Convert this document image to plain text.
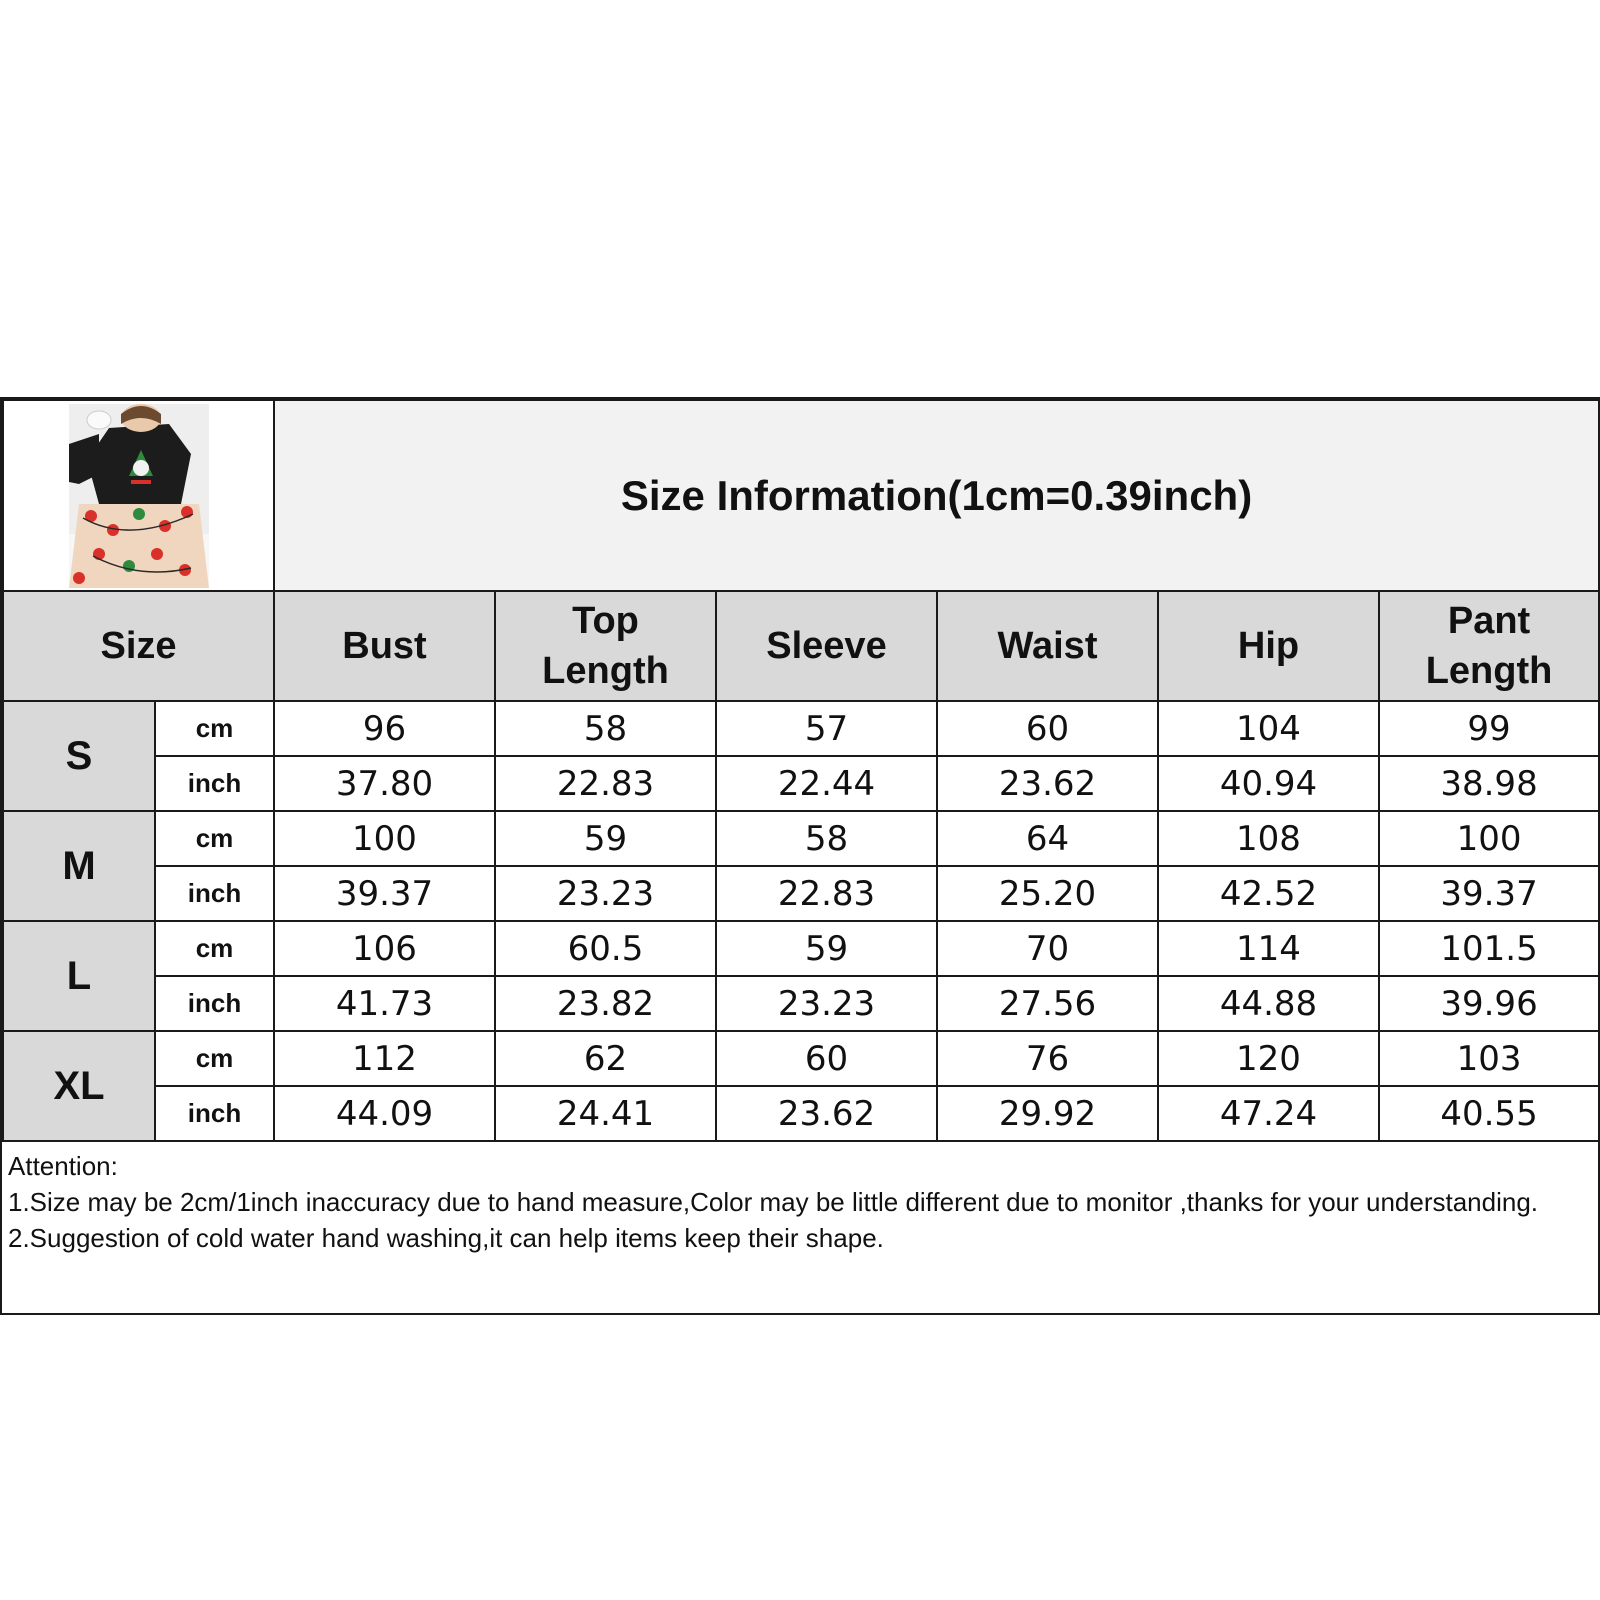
	Size Information(1cm=0.39inch)					
Size		Bust	Top Length	Sleeve	Waist	Hip	Pant Length

S	cm	96	58	57	60	104	99
	inch	37.80	22.83	22.44	23.62	40.94	38.98
M	cm	100	59	58	64	108	100
	inch	39.37	23.23	22.83	25.20	42.52	39.37
L	cm	106	60.5	59	70	114	101.5
	inch	41.73	23.82	23.23	27.56	44.88	39.96
XL	cm	112	62	60	76	120	103
	inch	44.09	24.41	23.62	29.92	47.24	40.55
Attention:
1.Size may be 2cm/1inch inaccuracy due to hand measure,Color may be little different due to monitor ,thanks for your understanding.
2.Suggestion of cold water hand washing,it can help items keep their shape.
